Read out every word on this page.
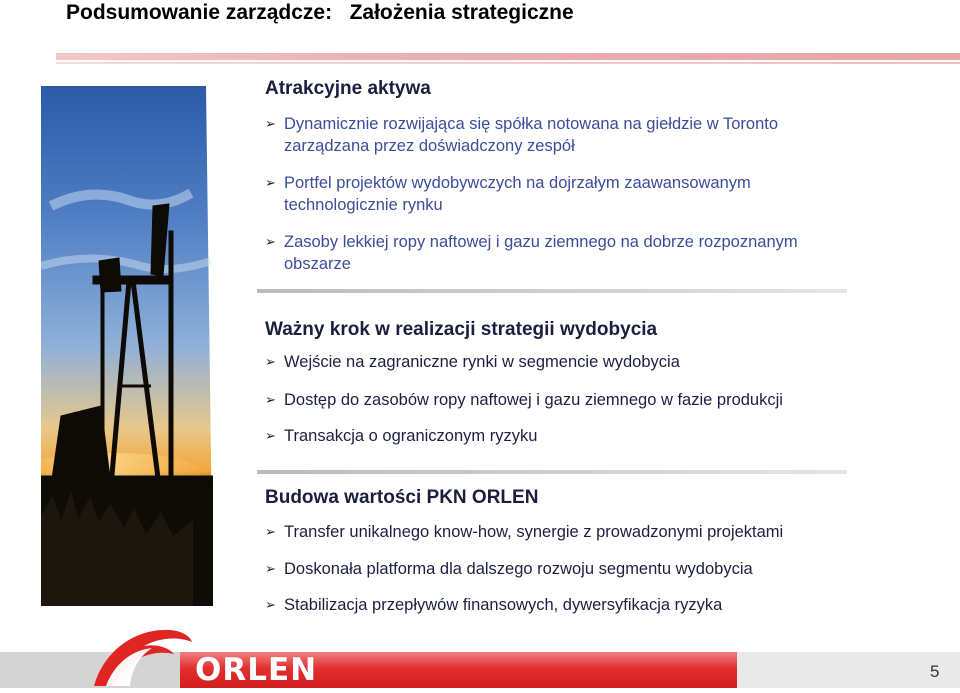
Podsumowanie zarządcze:   Założenia strategiczne
Atrakcyjne aktywa
➢ Dynamicznie rozwijająca się spółka notowana na giełdzie w Toronto zarządzana przez doświadczony zespół
➢ Portfel projektów wydobywczych na dojrzałym zaawansowanym technologicznie rynku
➢ Zasoby lekkiej ropy naftowej i gazu ziemnego na dobrze rozpoznanym obszarze
Ważny krok w realizacji strategii wydobycia
➢ Wejście na zagraniczne rynki w segmencie wydobycia
➢ Dostęp do zasobów ropy naftowej i gazu ziemnego w fazie produkcji
➢ Transakcja o ograniczonym ryzyku
Budowa wartości PKN ORLEN
➢ Transfer unikalnego know-how, synergie z prowadzonymi projektami
➢ Doskonała platforma dla dalszego rozwoju segmentu wydobycia
➢ Stabilizacja przepływów finansowych, dywersyfikacja ryzyka
ORLEN	5
